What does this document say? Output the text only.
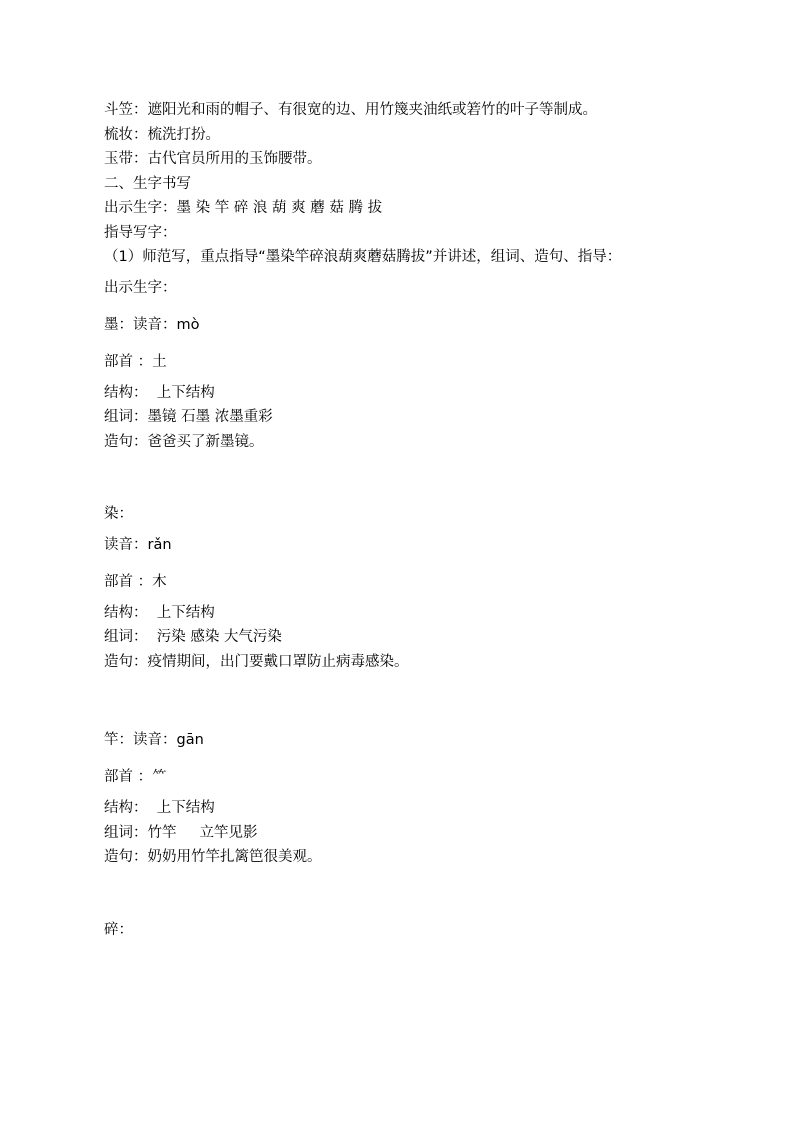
斗笠：遮阳光和雨的帽子、有很宽的边、用竹篾夹油纸或箬竹的叶子等制成。
梳妆：梳洗打扮。
玉带：古代官员所用的玉饰腰带。
二、生字书写
出示生字：墨 染 竿 碎 浪 葫 爽 蘑 菇 腾 拔
指导写字：
（1）师范写，重点指导“墨染竿碎浪葫爽蘑菇腾拔”并讲述，组词、造句、指导：
出示生字：
墨：读音：mò
部首 ：土
结构：  上下结构
组词：墨镜 石墨 浓墨重彩
造句：爸爸买了新墨镜。
染：
读音：rǎn
部首 ：木
结构：  上下结构
组词：  污染 感染 大气污染
造句：疫情期间，出门要戴口罩防止病毒感染。
竿：读音：gān
部首 ：⺮
结构：  上下结构
组词：竹竿     立竿见影
造句：奶奶用竹竿扎篱笆很美观。
碎：
